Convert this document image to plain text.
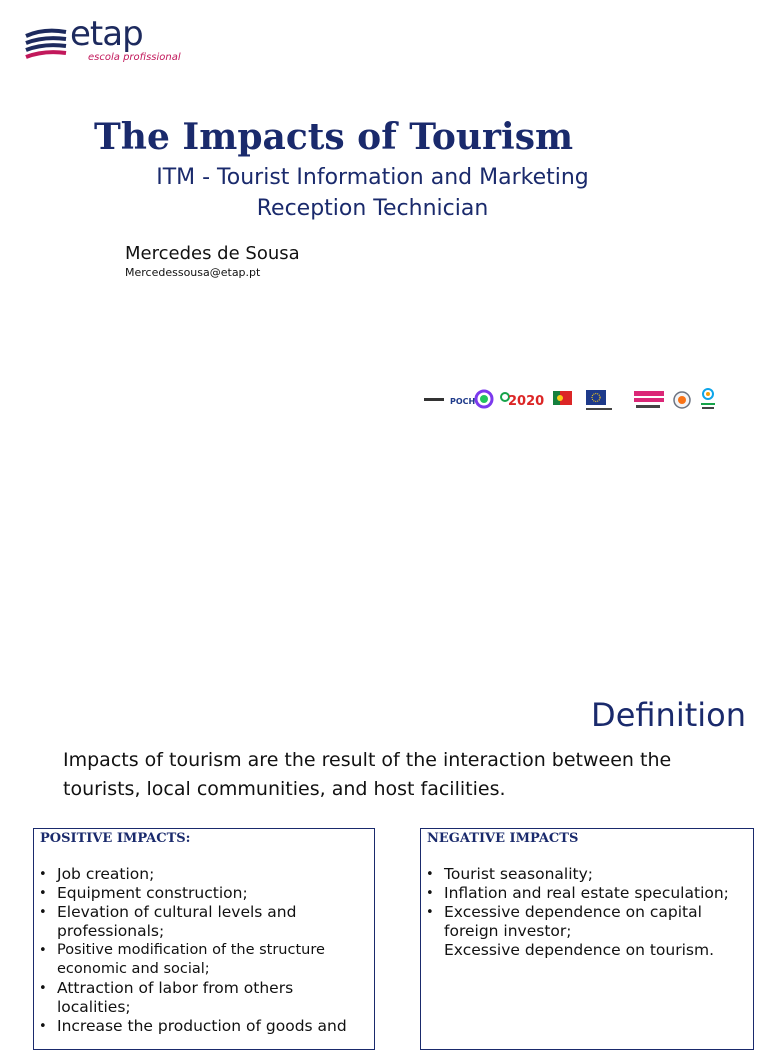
etap
escola profissional
The Impacts of Tourism
ITM - Tourist Information and Marketing
Reception Technician
Mercedes de Sousa
Mercedessousa@etap.pt
POCH	2020
Definition

Impacts of tourism are the result of the interaction between the tourists, local communities, and host facilities.

POSITIVE IMPACTS:
• Job creation;
• Equipment construction;
• Elevation of cultural levels and professionals;
• Positive modification of the structure economic and social;
• Attraction of labor from others localities;
• Increase the production of goods and
NEGATIVE IMPACTS
• Tourist seasonality;
• Inflation and real estate speculation;
• Excessive dependence on capital foreign investor;
Excessive dependence on tourism.
